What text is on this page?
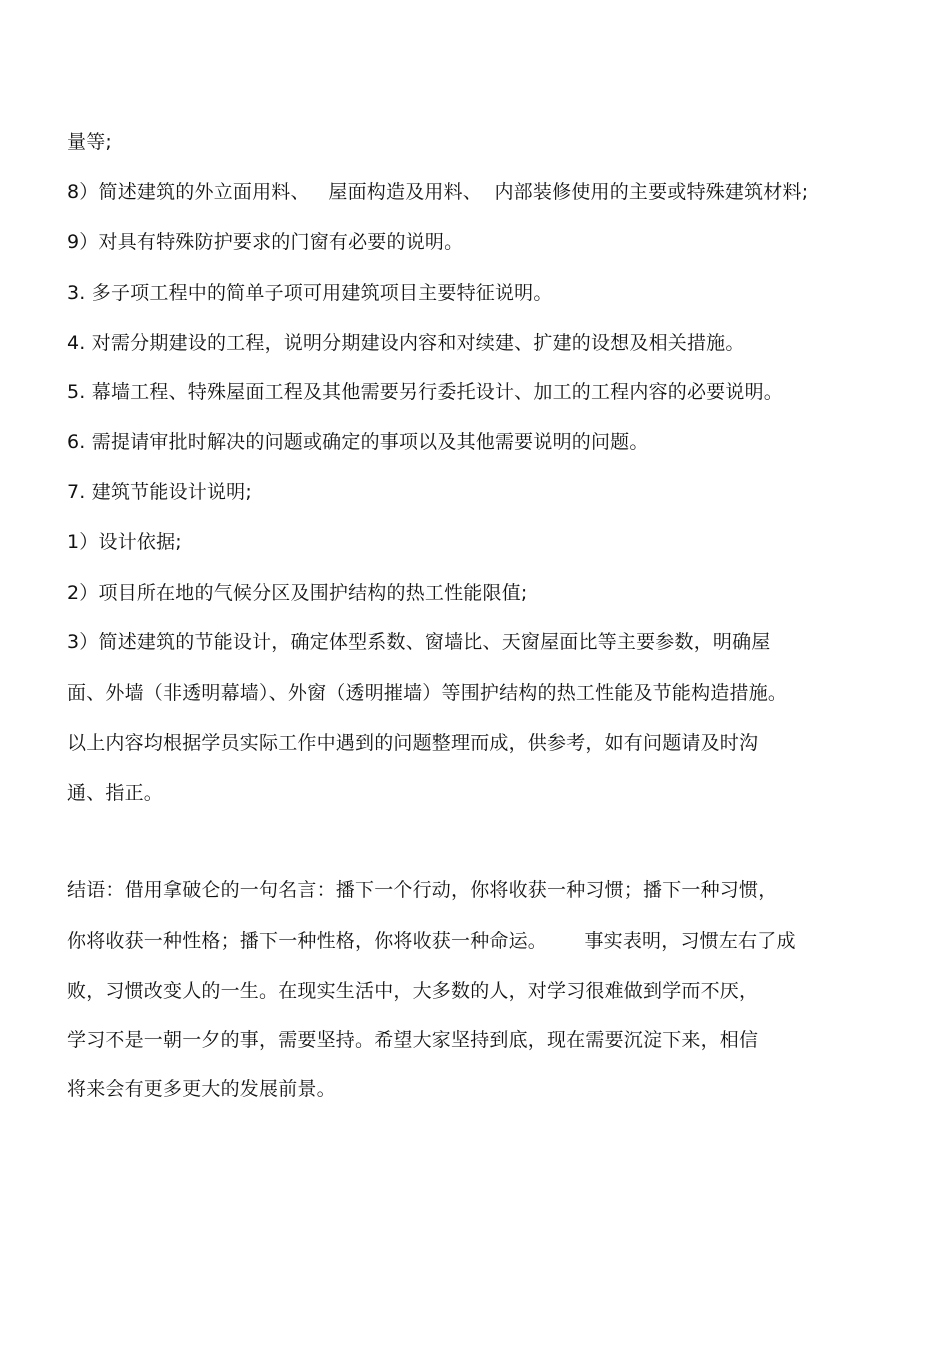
量等;
8）简述建筑的外立面用料、   屋面构造及用料、  内部装修使用的主要或特殊建筑材料;
9）对具有特殊防护要求的门窗有必要的说明。
3. 多子项工程中的简单子项可用建筑项目主要特征说明。
4. 对需分期建设的工程，说明分期建设内容和对续建、扩建的设想及相关措施。
5. 幕墙工程、特殊屋面工程及其他需要另行委托设计、加工的工程内容的必要说明。
6. 需提请审批时解决的问题或确定的事项以及其他需要说明的问题。
7. 建筑节能设计说明;
1）设计依据;
2）项目所在地的气候分区及围护结构的热工性能限值;
3）简述建筑的节能设计，确定体型系数、窗墙比、天窗屋面比等主要参数，明确屋
面、外墙（非透明幕墙）、外窗（透明摧墙）等围护结构的热工性能及节能构造措施。
以上内容均根据学员实际工作中遇到的问题整理而成，供参考，如有问题请及时沟
通、指正。
结语：借用拿破仑的一句名言：播下一个行动，你将收获一种习惯；播下一种习惯，
你将收获一种性格；播下一种性格，你将收获一种命运。      事实表明，习惯左右了成
败，习惯改变人的一生。在现实生活中，大多数的人，对学习很难做到学而不厌，
学习不是一朝一夕的事，需要坚持。希望大家坚持到底，现在需要沉淀下来，相信
将来会有更多更大的发展前景。
